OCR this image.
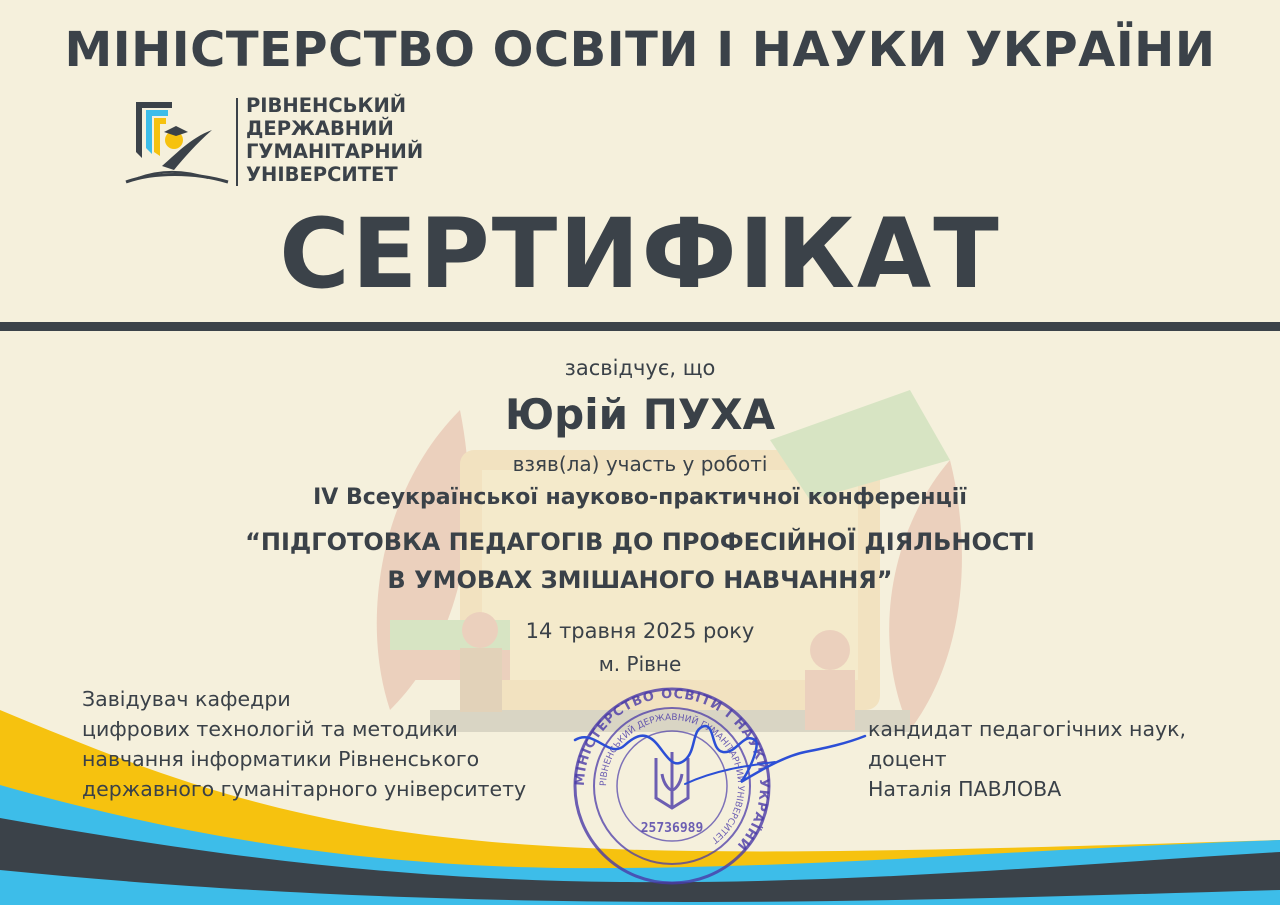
МІНІСТЕРСТВО ОСВІТИ І НАУКИ УКРАЇНИ
РІВНЕНСЬКИЙ
ДЕРЖАВНИЙ
ГУМАНІТАРНИЙ
УНІВЕРСИТЕТ
СЕРТИФІКАТ
засвідчує, що
Юрій ПУХА
взяв(ла) участь у роботі
IV Всеукраїнської науково-практичної конференції
“ПІДГОТОВКА ПЕДАГОГІВ ДО ПРОФЕСІЙНОЇ ДІЯЛЬНОСТІ
В УМОВАХ ЗМІШАНОГО НАВЧАННЯ”
14 травня 2025 року
м. Рівне
Завідувач кафедри
цифрових технологій та методики
навчання інформатики Рівненського
державного гуманітарного університету
кандидат педагогічних наук,
доцент
Наталія ПАВЛОВА
МІНІСТЕРСТВО ОСВІТИ І НАУКИ УКРАЇНИ
РІВНЕНСЬКИЙ ДЕРЖАВНИЙ ГУМАНІТАРНИЙ УНІВЕРСИТЕТ
25736989
